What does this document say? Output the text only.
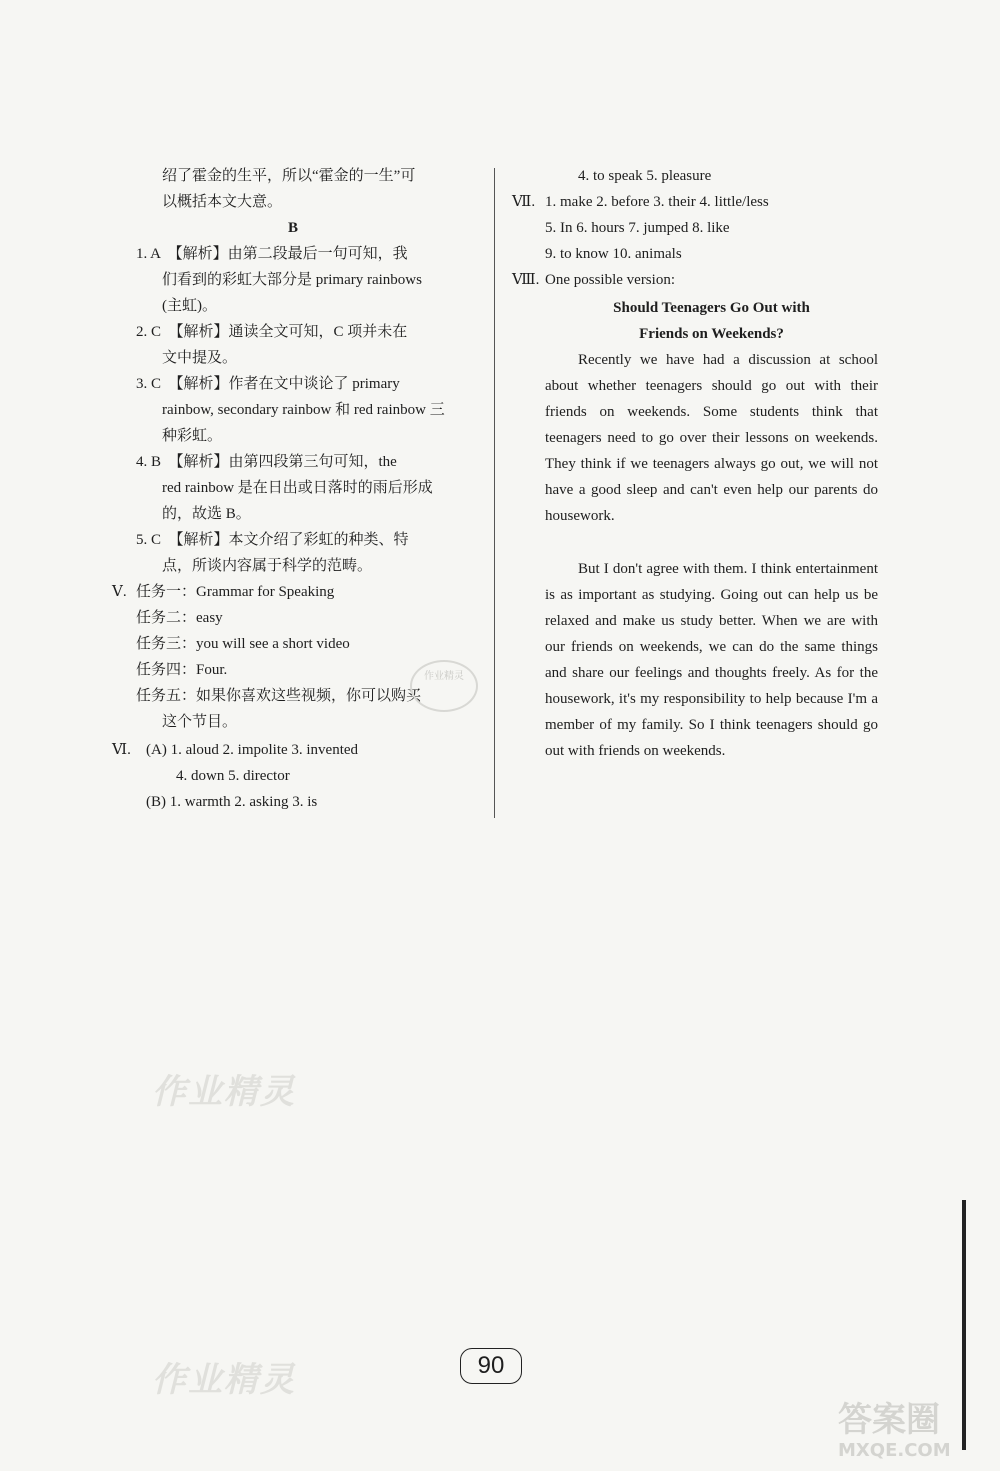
绍了霍金的生平，所以“霍金的一生”可
以概括本文大意。
B
1. A　【解析】由第二段最后一句可知，我
们看到的彩虹大部分是 primary rainbows
(主虹)。
2. C　【解析】通读全文可知，C 项并未在
文中提及。
3. C　【解析】作者在文中谈论了 primary
rainbow, secondary rainbow 和 red rainbow 三
种彩虹。
4. B　【解析】由第四段第三句可知，the
red rainbow 是在日出或日落时的雨后形成
的，故选 B。
5. C　【解析】本文介绍了彩虹的种类、特
点，所谈内容属于科学的范畴。
Ⅴ. 任务一：Grammar for Speaking
任务二：easy
任务三：you will see a short video
任务四：Four.
任务五：如果你喜欢这些视频，你可以购买
这个节目。
Ⅵ. (A) 1. aloud 2. impolite 3. invented
4. down 5. director
(B) 1. warmth 2. asking 3. is
4. to speak 5. pleasure
Ⅶ. 1. make 2. before 3. their 4. little/less
5. In 6. hours 7. jumped 8. like
9. to know 10. animals
Ⅷ. One possible version:
Should Teenagers Go Out with
Friends on Weekends?
Recently we have had a discussion at school about whether teenagers should go out with their friends on weekends. Some students think that teenagers need to go over their lessons on weekends. They think if we teenagers always go out, we will not have a good sleep and can't even help our parents do housework.
But I don't agree with them. I think entertainment is as important as studying. Going out can help us be relaxed and make us study better. When we are with our friends on weekends, we can do the same things and share our feelings and thoughts freely. As for the housework, it's my responsibility to help because I'm a member of my family. So I think teenagers should go out with friends on weekends.
作业精灵
作业精灵
作业精灵	90
答案圈
MXQE.COM
